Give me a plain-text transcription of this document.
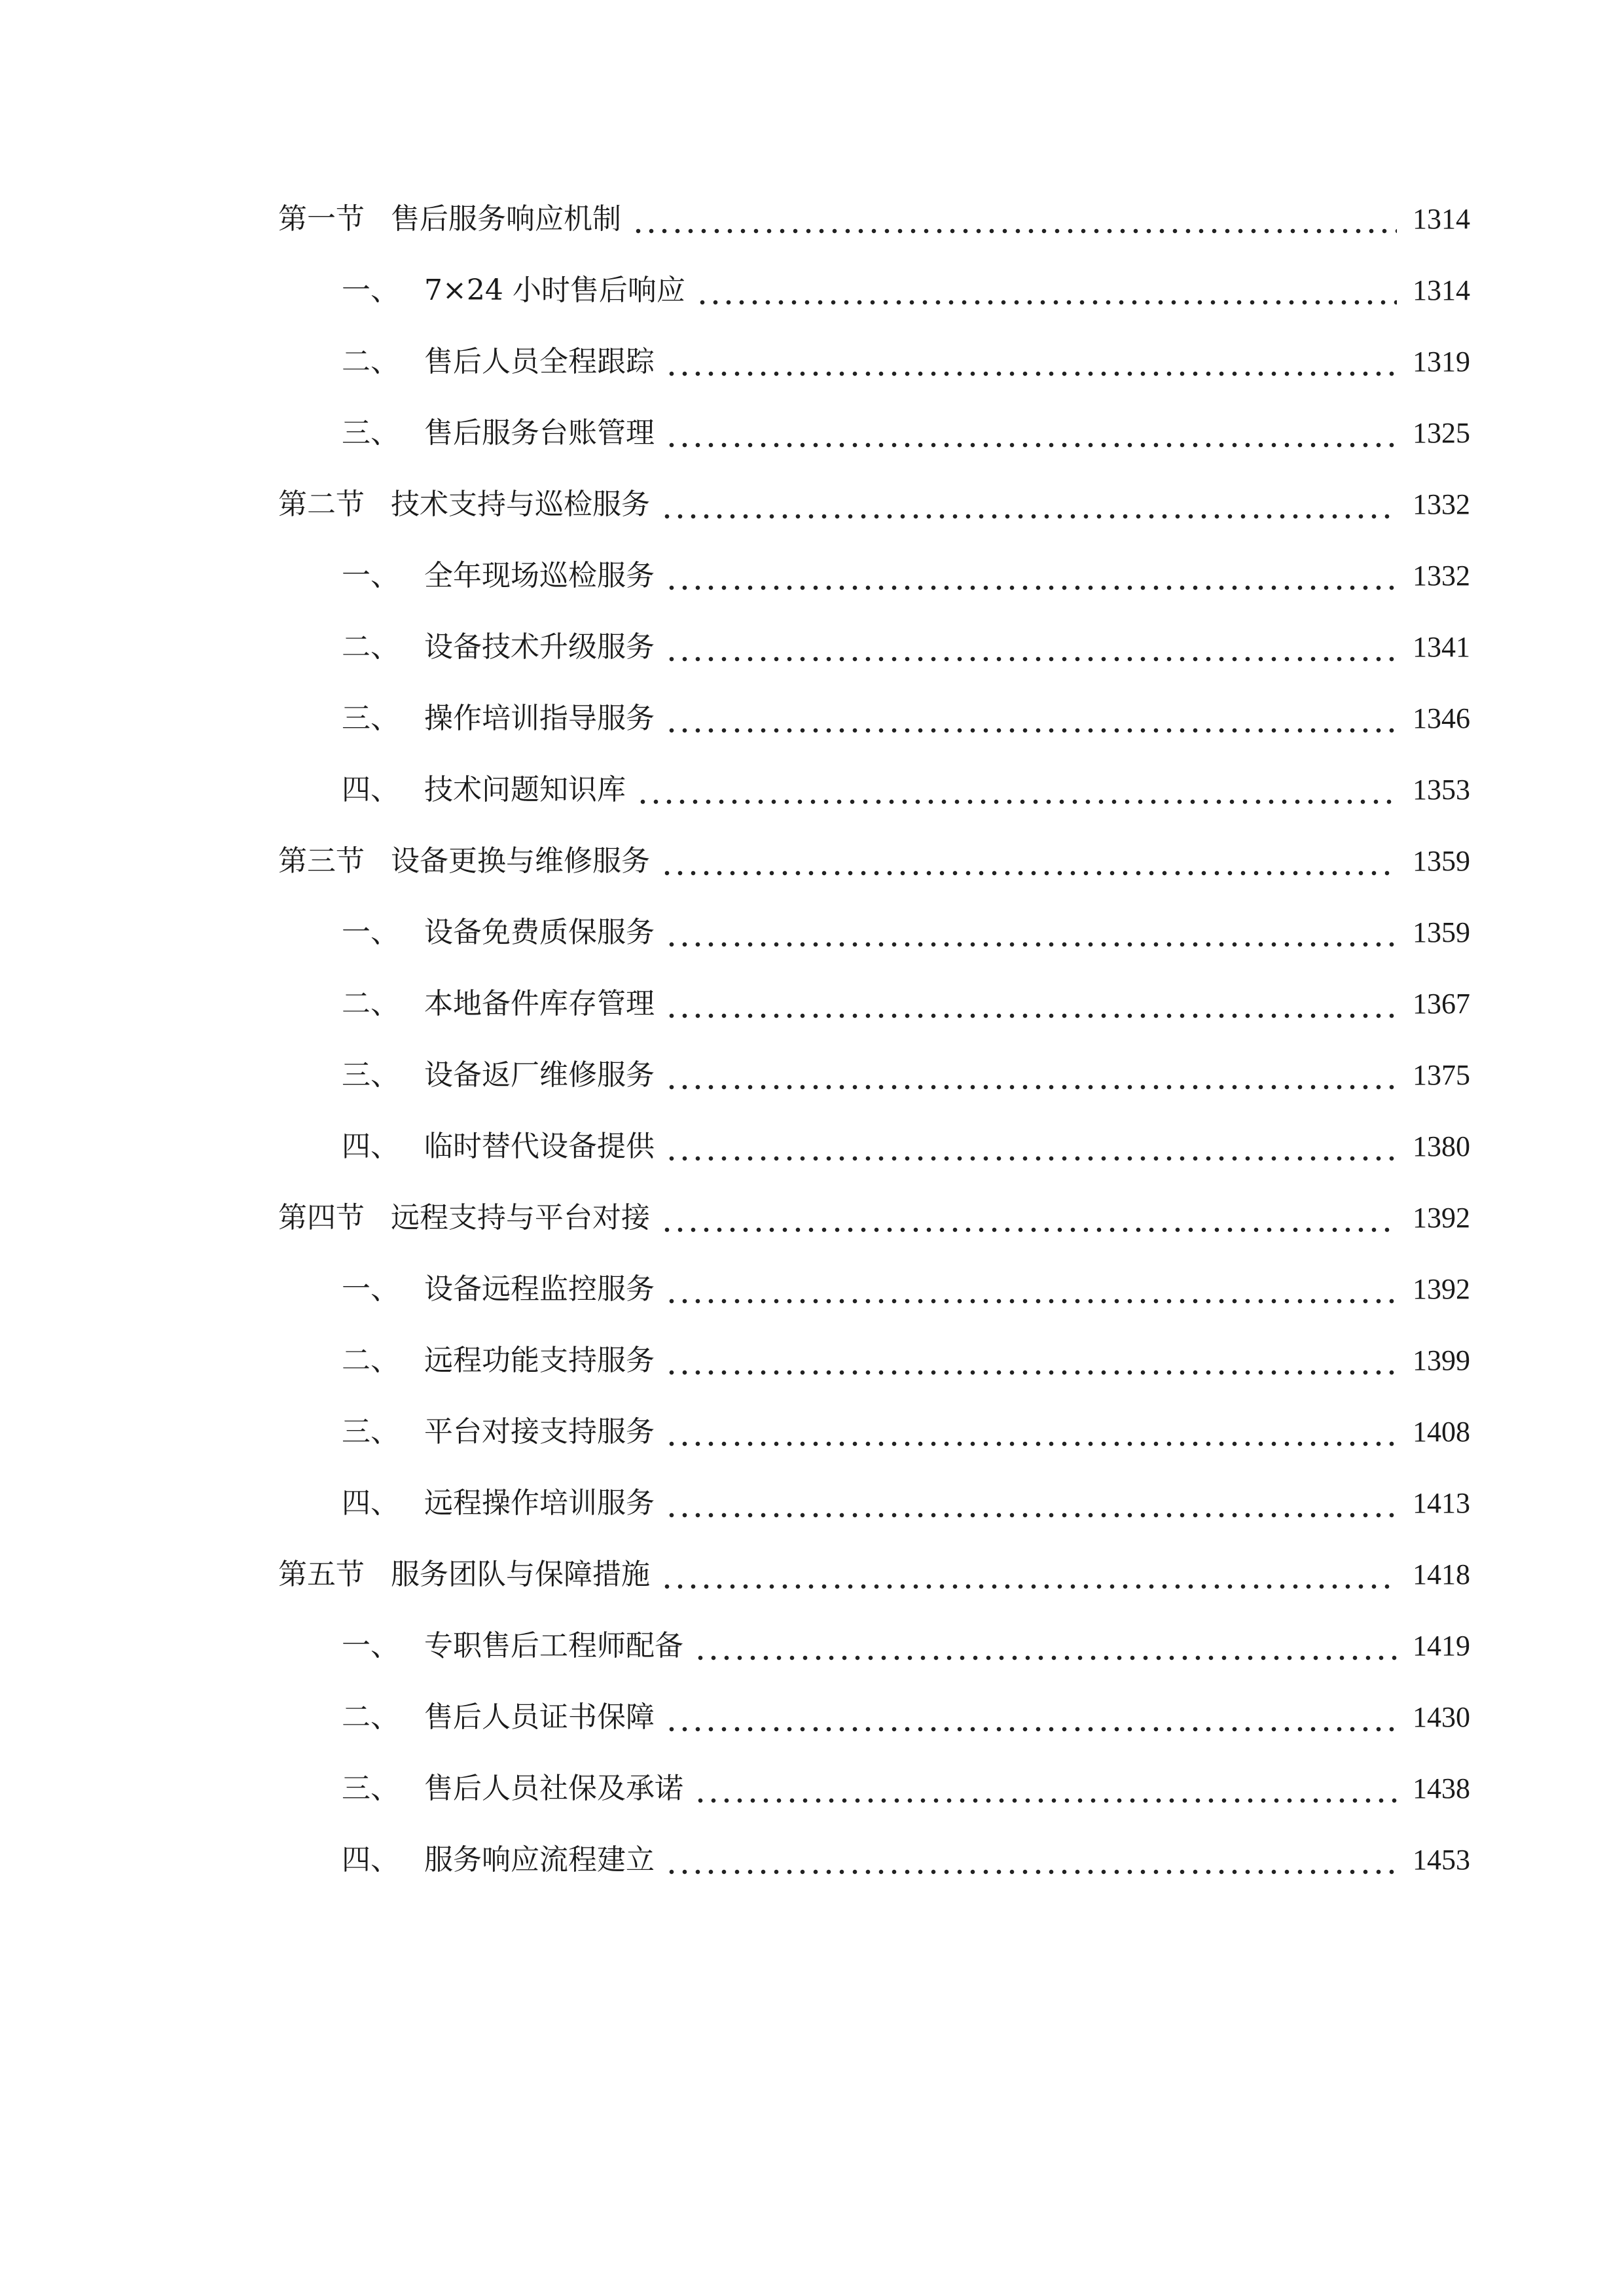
第一节 售后服务响应机制	1314
一、 7×24 小时售后响应	1314
二、 售后人员全程跟踪	1319
三、 售后服务台账管理	1325
第二节 技术支持与巡检服务	1332
一、 全年现场巡检服务	1332
二、 设备技术升级服务	1341
三、 操作培训指导服务	1346
四、 技术问题知识库	1353
第三节 设备更换与维修服务	1359
一、 设备免费质保服务	1359
二、 本地备件库存管理	1367
三、 设备返厂维修服务	1375
四、 临时替代设备提供	1380
第四节 远程支持与平台对接	1392
一、 设备远程监控服务	1392
二、 远程功能支持服务	1399
三、 平台对接支持服务	1408
四、 远程操作培训服务	1413
第五节 服务团队与保障措施	1418
一、 专职售后工程师配备	1419
二、 售后人员证书保障	1430
三、 售后人员社保及承诺	1438
四、 服务响应流程建立	1453
